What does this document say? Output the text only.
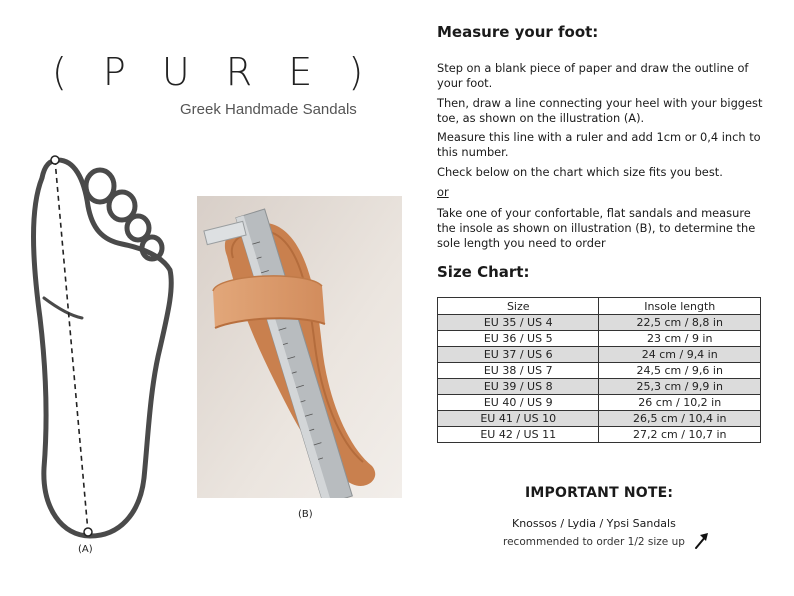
( P U R E )
Greek Handmade Sandals
(A)
(B)
Measure your foot:
Step on a blank piece of paper and draw the outline of your foot.
Then, draw a line connecting your heel with your biggest toe, as shown on the illustration (A).
Measure this line with a ruler and add 1cm or 0,4 inch to this number.
Check below on the chart which size fits you best.
or
Take one of your confortable, flat sandals and measure the insole as shown on illustration (B), to determine the sole length you need to order
Size Chart:
Size	Insole length
EU 35 / US 4	22,5 cm / 8,8 in
EU 36 / US 5	23 cm / 9 in
EU 37 / US 6	24 cm / 9,4 in
EU 38 / US 7	24,5 cm / 9,6 in
EU 39 / US 8	25,3 cm / 9,9 in
EU 40 / US 9	26 cm / 10,2 in
EU 41 / US 10	26,5 cm / 10,4 in
EU 42 / US 11	27,2 cm / 10,7 in
IMPORTANT NOTE:
Knossos / Lydia / Ypsi Sandals
recommended to order 1/2 size up
